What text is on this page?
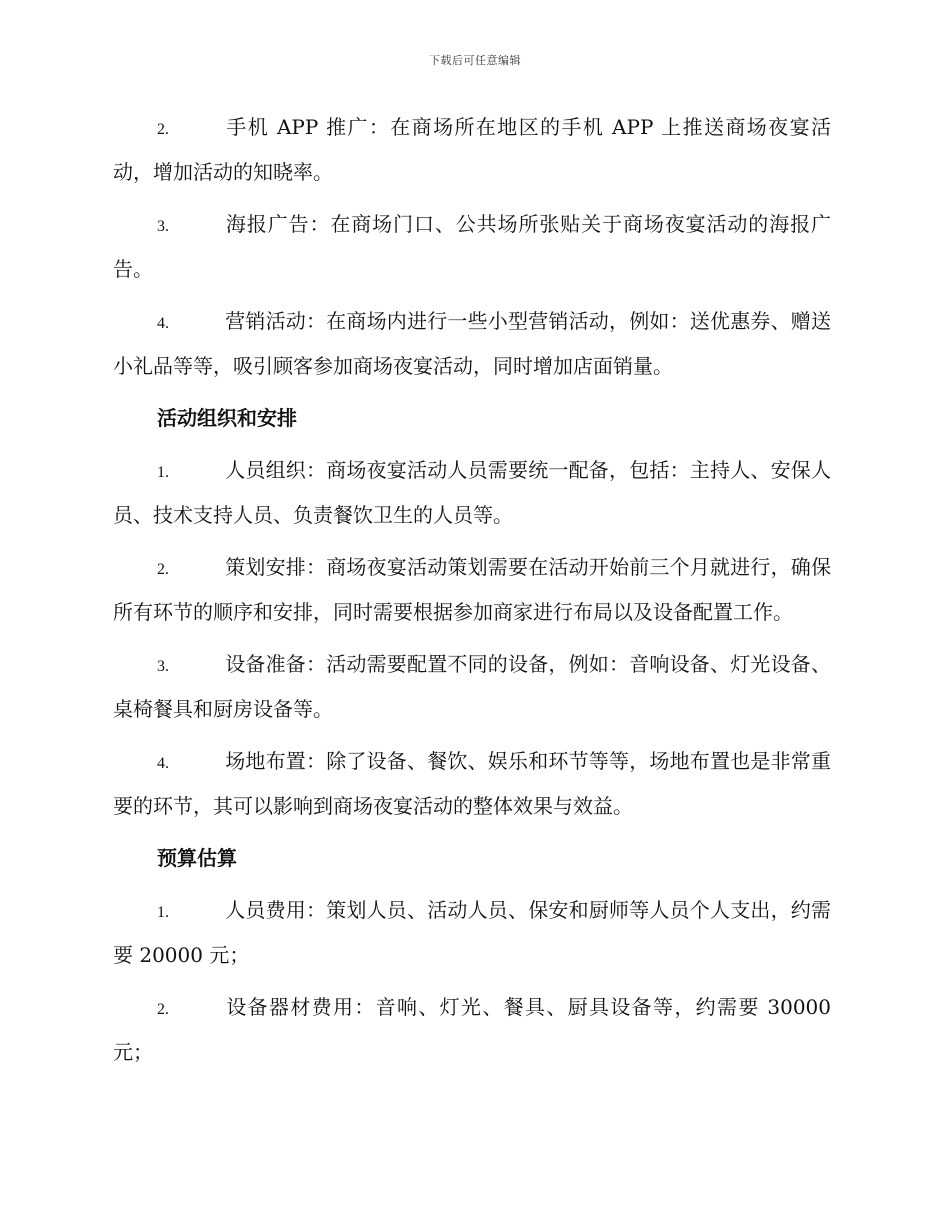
下载后可任意编辑

2.	手机 APP 推广：在商场所在地区的手机 APP 上推送商场夜宴活动，增加活动的知晓率。

3.	海报广告：在商场门口、公共场所张贴关于商场夜宴活动的海报广告。

4.	营销活动：在商场内进行一些小型营销活动，例如：送优惠券、赠送小礼品等等，吸引顾客参加商场夜宴活动，同时增加店面销量。

活动组织和安排

1.	人员组织：商场夜宴活动人员需要统一配备，包括：主持人、安保人员、技术支持人员、负责餐饮卫生的人员等。

2.	策划安排：商场夜宴活动策划需要在活动开始前三个月就进行，确保所有环节的顺序和安排，同时需要根据参加商家进行布局以及设备配置工作。

3.	设备准备：活动需要配置不同的设备，例如：音响设备、灯光设备、桌椅餐具和厨房设备等。

4.	场地布置：除了设备、餐饮、娱乐和环节等等，场地布置也是非常重要的环节，其可以影响到商场夜宴活动的整体效果与效益。

预算估算

1.	人员费用：策划人员、活动人员、保安和厨师等人员个人支出，约需要 20000 元；

2.	设备器材费用：音响、灯光、餐具、厨具设备等，约需要 30000 元；
